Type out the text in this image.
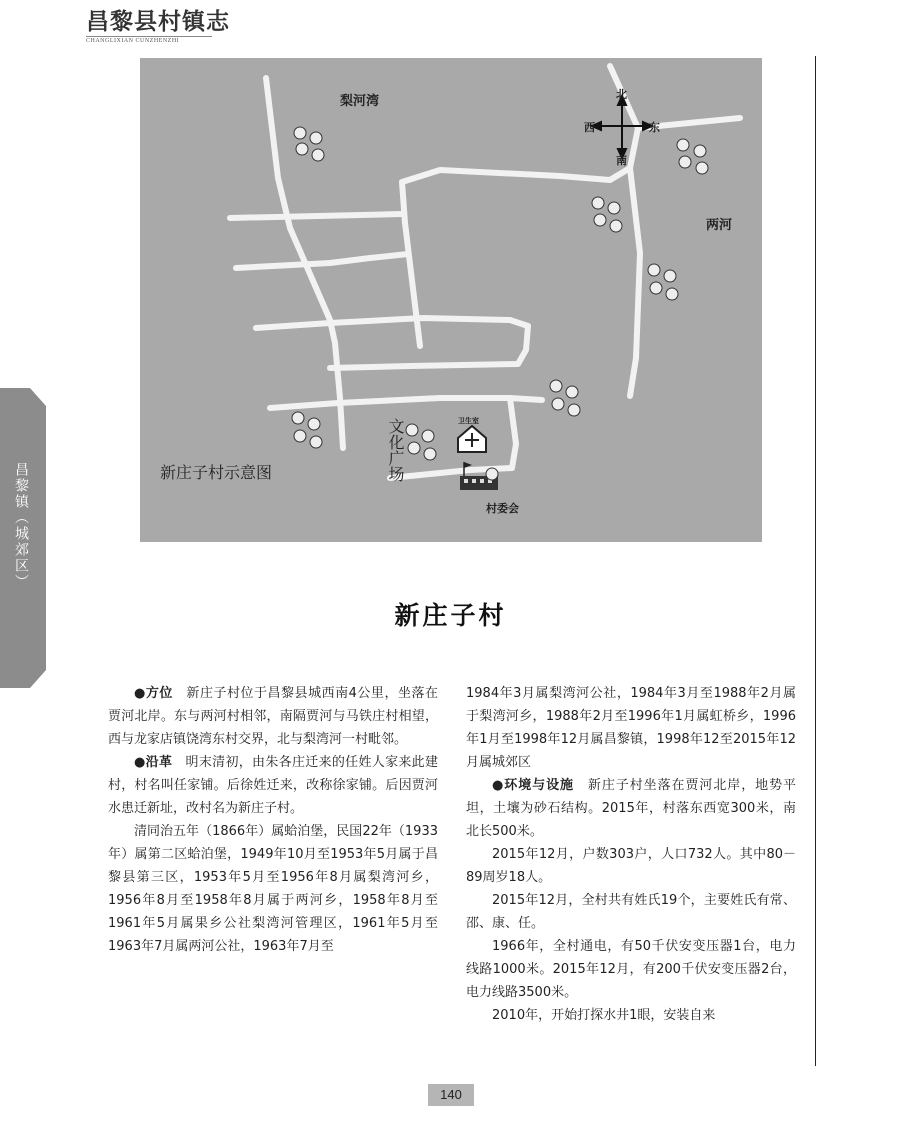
昌黎县村镇志
CHANGLIXIAN CUNZHENZHI
昌黎镇（城郊区）
梨河湾	北
南
西	东
两河
卫生室
文化广场
村委会
新庄子村示意图
新庄子村

●方位　新庄子村位于昌黎县城西南4公里，坐落在贾河北岸。东与两河村相邻，南隔贾河与马铁庄村相望，西与龙家店镇饶湾东村交界，北与梨湾河一村毗邻。

●沿革　明末清初，由朱各庄迁来的任姓人家来此建村，村名叫任家铺。后徐姓迁来，改称徐家铺。后因贾河水患迁新址，改村名为新庄子村。

清同治五年（1866年）属蛤泊堡，民国22年（1933年）属第二区蛤泊堡，1949年10月至1953年5月属于昌黎县第三区，1953年5月至1956年8月属梨湾河乡，1956年8月至1958年8月属于两河乡，1958年8月至1961年5月属果乡公社梨湾河管理区，1961年5月至1963年7月属两河公社，1963年7月至

1984年3月属梨湾河公社，1984年3月至1988年2月属于梨湾河乡，1988年2月至1996年1月属虹桥乡，1996年1月至1998年12月属昌黎镇，1998年12至2015年12月属城郊区

●环境与设施　新庄子村坐落在贾河北岸，地势平坦，土壤为砂石结构。2015年，村落东西宽300米，南北长500米。

2015年12月，户数303户，人口732人。其中80－89周岁18人。

2015年12月，全村共有姓氏19个，主要姓氏有常、邵、康、任。

1966年，全村通电，有50千伏安变压器1台，电力线路1000米。2015年12月，有200千伏安变压器2台，电力线路3500米。

2010年，开始打探水井1眼，安装自来

140
